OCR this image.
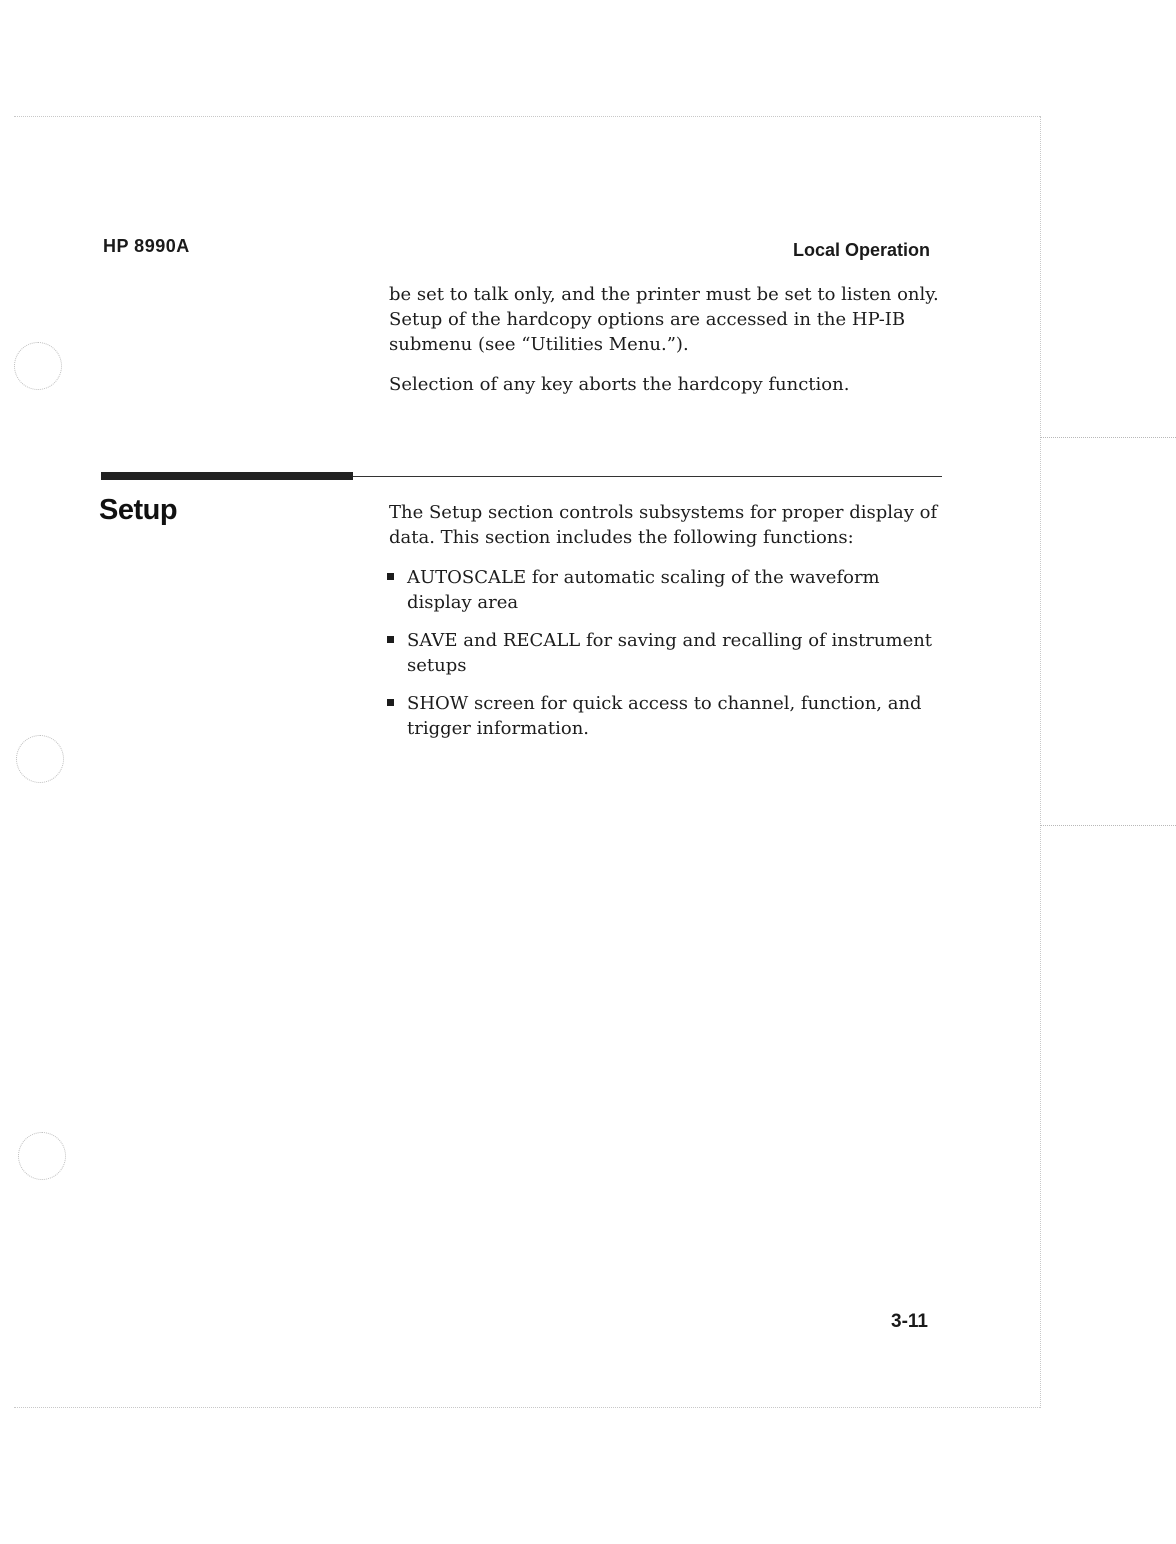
HP 8990A	Local Operation

be set to talk only, and the printer must be set to listen only. Setup of the hardcopy options are accessed in the HP-IB submenu (see “Utilities Menu.”).

Selection of any key aborts the hardcopy function.

Setup	The Setup section controls subsystems for proper display of data. This section includes the following functions:

AUTOSCALE for automatic scaling of the waveform display area
SAVE and RECALL for saving and recalling of instrument setups
SHOW screen for quick access to channel, function, and trigger information.
3-11
